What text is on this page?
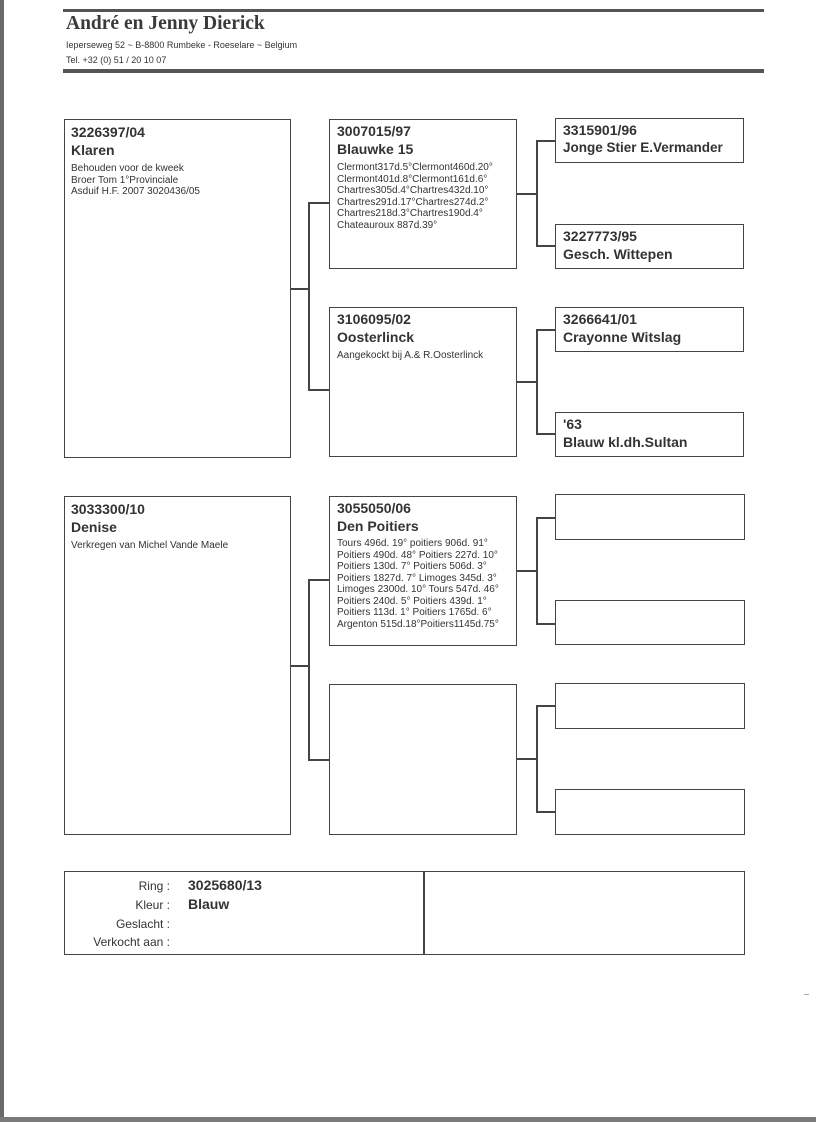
André en Jenny Dierick
Ieperseweg 52 ~ B-8800 Rumbeke - Roeselare ~ Belgium
Tel. +32 (0) 51 / 20 10 07
3226397/04
Klaren
Behouden voor de kweek
Broer Tom 1°Provinciale
Asduif H.F. 2007 3020436/05
3007015/97
Blauwke 15
Clermont317d.5°Clermont460d.20°
Clermont401d.8°Clermont161d.6°
Chartres305d.4°Chartres432d.10°
Chartres291d.17°Chartres274d.2°
Chartres218d.3°Chartres190d.4°
Chateauroux 887d.39°
3315901/96
Jonge Stier E.Vermander
3227773/95
Gesch. Wittepen
3106095/02
Oosterlinck
Aangekockt bij A.& R.Oosterlinck
3266641/01
Crayonne Witslag
'63
Blauw kl.dh.Sultan
3033300/10
Denise
Verkregen van Michel Vande Maele
3055050/06
Den Poitiers
Tours 496d. 19° poitiers 906d. 91°
Poitiers 490d. 48° Poitiers 227d. 10°
Poitiers 130d. 7° Poitiers 506d. 3°
Poitiers 1827d. 7° Limoges 345d. 3°
Limoges 2300d. 10° Tours 547d. 46°
Poitiers 240d. 5° Poitiers 439d. 1°
Poitiers 113d. 1° Poitiers 1765d. 6°
Argenton 515d.18°Poitiers1145d.75°
Ring : 3025680/13
Kleur : Blauw
Geslacht :
Verkocht aan :
